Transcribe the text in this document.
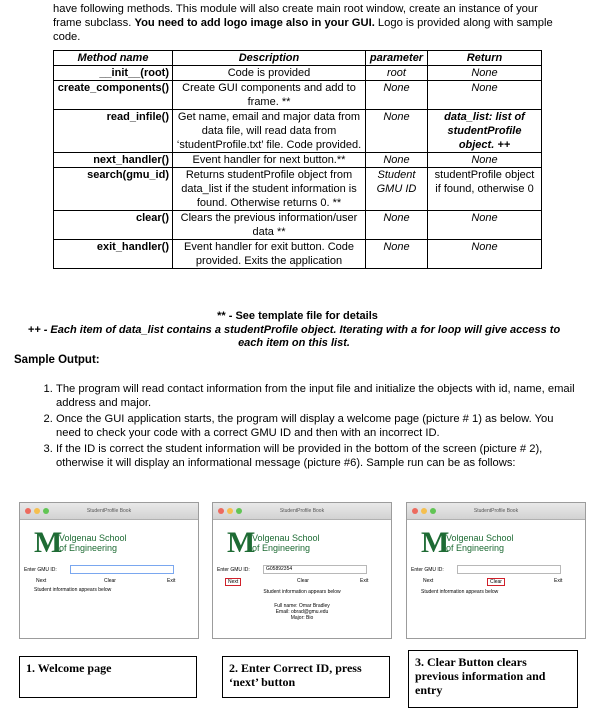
have following methods. This module will also create main root window, create an instance of your frame subclass. You need to add logo image also in your GUI. Logo is provided along with sample code.
Method name	Description	parameter	Return
__init__(root)	Code is provided	root	None
create_components()	Create GUI components and add to frame. **	None	None
read_infile()	Get name, email and major data from data file, will read data from ‘studentProfile.txt’ file. Code provided.	None	data_list: list of studentProfile object. ++
next_handler()	Event handler for next button.**	None	None
search(gmu_id)	Returns studentProfile object from data_list if the student information is found. Otherwise returns 0. **	Student GMU ID	studentProfile object if found, otherwise 0
clear()	Clears the previous information/user data **	None	None
exit_handler()	Event handler for exit button. Code provided. Exits the application	None	None
** - See template file for details
++ - Each item of data_list contains a studentProfile object. Iterating with a for loop will give access to each item on this list.
Sample Output:
1. The program will read contact information from the input file and initialize the objects with id, name, email address and major.
2. Once the GUI application starts, the program will display a welcome page (picture # 1) as below. You need to check your code with a correct GMU ID and then with an incorrect ID.
3. If the ID is correct the student information will be provided in the bottom of the screen (picture # 2), otherwise it will display an informational message (picture #6). Sample run can be as follows:
StudentProfile Book
M
Volgenau School
of Engineering
Enter GMU ID:
Next	Clear	Exit
Student information appears below
StudentProfile Book
M
Volgenau School
of Engineering
Enter GMU ID:	G05892354
Next	Clear	Exit
Student information appears below
Full name: Omar Bradley
Email: obrad@gmu.edu
Major: Bio
StudentProfile Book
M
Volgenau School
of Engineering
Enter GMU ID:
Next	Clear	Exit
Student information appears below
1. Welcome page	2. Enter Correct ID, press ‘next’ button
3. Clear Button clears previous information and entry
